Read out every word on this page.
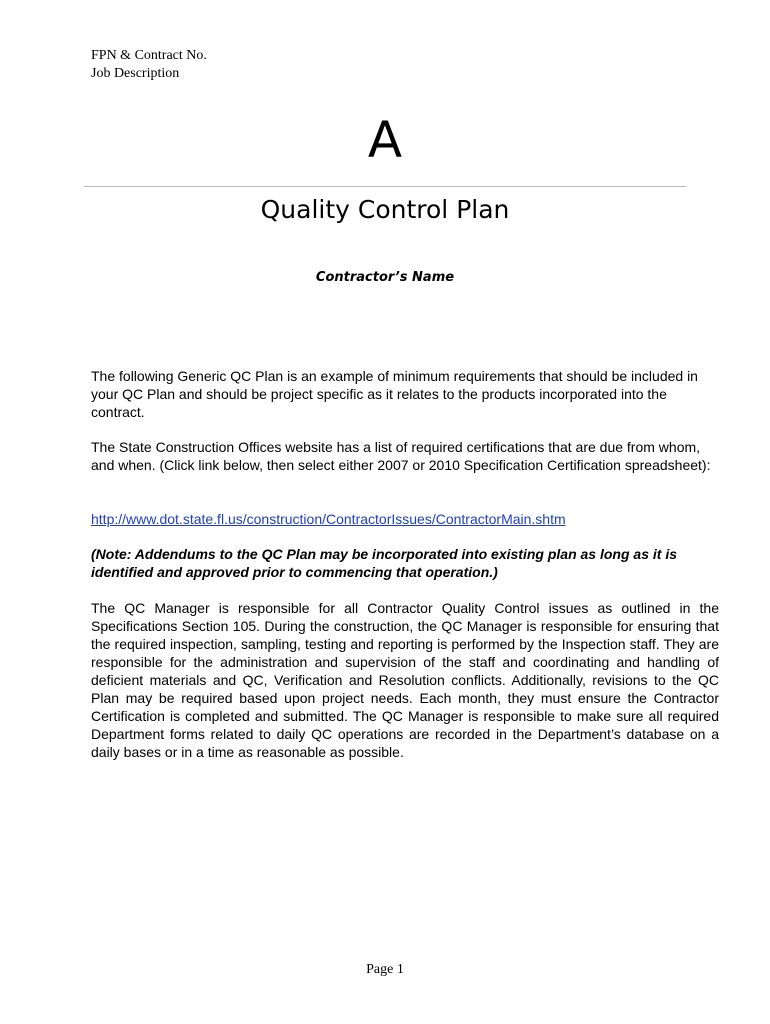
FPN & Contract No.
Job Description
A
Quality Control Plan
Contractor’s Name

The following Generic QC Plan is an example of minimum requirements that should be included in your QC Plan and should be project specific as it relates to the products incorporated into the contract.

The State Construction Offices website has a list of required certifications that are due from whom, and when. (Click link below, then select either 2007 or 2010 Specification Certification spreadsheet):

http://www.dot.state.fl.us/construction/ContractorIssues/ContractorMain.shtm

(Note: Addendums to the QC Plan may be incorporated into existing plan as long as it is identified and approved prior to commencing that operation.)

The QC Manager is responsible for all Contractor Quality Control issues as outlined in the Specifications Section 105. During the construction, the QC Manager is responsible for ensuring that the required inspection, sampling, testing and reporting is performed by the Inspection staff. They are responsible for the administration and supervision of the staff and coordinating and handling of deficient materials and QC, Verification and Resolution conflicts. Additionally, revisions to the QC Plan may be required based upon project needs. Each month, they must ensure the Contractor Certification is completed and submitted. The QC Manager is responsible to make sure all required Department forms related to daily QC operations are recorded in the Department’s database on a daily bases or in a time as reasonable as possible.

Page 1
